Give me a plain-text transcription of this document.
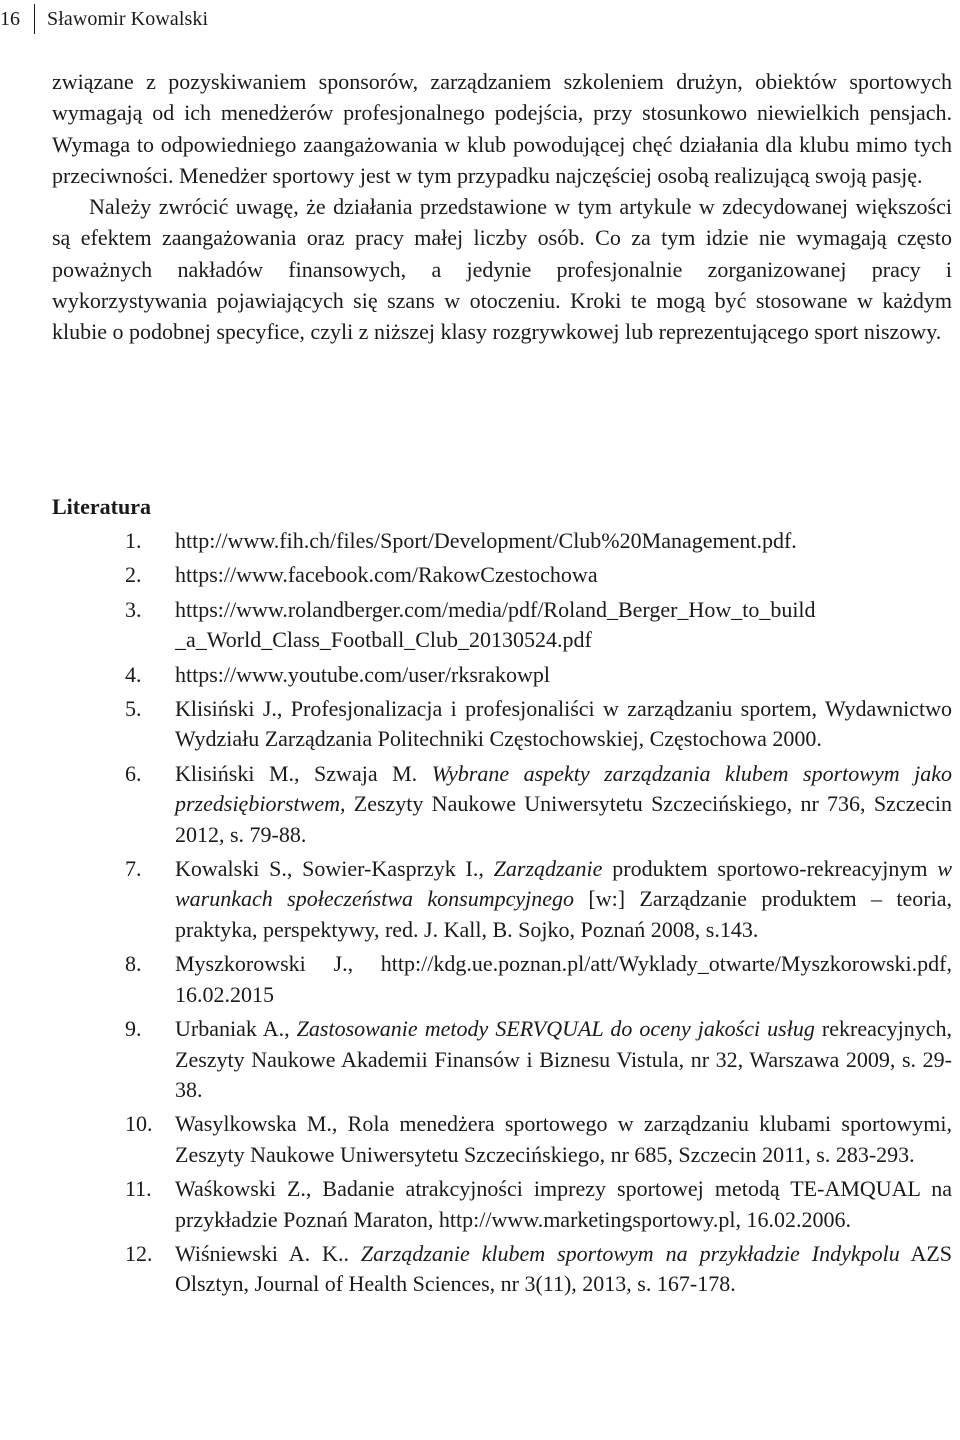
16	Sławomir Kowalski

związane z pozyskiwaniem sponsorów, zarządzaniem szkoleniem drużyn, obiektów sportowych wymagają od ich menedżerów profesjonalnego podejścia, przy stosunkowo niewielkich pensjach. Wymaga to odpowiedniego zaangażowania w klub powodującej chęć działania dla klubu mimo tych przeciwności. Menedżer sportowy jest w tym przypadku najczęściej osobą realizującą swoją pasję.

Należy zwrócić uwagę, że działania przedstawione w tym artykule w zdecydowanej większości są efektem zaangażowania oraz pracy małej liczby osób. Co za tym idzie nie wymagają często poważnych nakładów finansowych, a jedynie profesjonalnie zorganizowanej pracy i wykorzystywania pojawiających się szans w otoczeniu. Kroki te mogą być stosowane w każdym klubie o podobnej specyfice, czyli z niższej klasy rozgrywkowej lub reprezentującego sport niszowy.

Literatura
1.	http://www.fih.ch/files/Sport/Development/Club%20Management.pdf.
2.	https://www.facebook.com/RakowCzestochowa
3.	https://www.rolandberger.com/media/pdf/Roland_Berger_How_to_build _a_World_Class_Football_Club_20130524.pdf
4.	https://www.youtube.com/user/rksrakowpl
5.	Klisiński J., Profesjonalizacja i profesjonaliści w zarządzaniu sportem, Wydawnictwo Wydziału Zarządzania Politechniki Częstochowskiej, Częstochowa 2000.
6.	Klisiński M., Szwaja M. Wybrane aspekty zarządzania klubem sportowym jako przedsiębiorstwem, Zeszyty Naukowe Uniwersytetu Szczecińskiego, nr 736, Szczecin 2012, s. 79-88.
7.	Kowalski S., Sowier-Kasprzyk I., Zarządzanie produktem sportowo-rekreacyjnym w warunkach społeczeństwa konsumpcyjnego [w:] Zarządzanie produktem – teoria, praktyka, perspektywy, red. J. Kall, B. Sojko, Poznań 2008, s.143.
8.	Myszkorowski J., http://kdg.ue.poznan.pl/att/Wyklady_otwarte/Myszkorowski.pdf, 16.02.2015
9.	Urbaniak A., Zastosowanie metody SERVQUAL do oceny jakości usług rekreacyjnych, Zeszyty Naukowe Akademii Finansów i Biznesu Vistula, nr 32, Warszawa 2009, s. 29-38.
10.	Wasylkowska M., Rola menedżera sportowego w zarządzaniu klubami sportowymi, Zeszyty Naukowe Uniwersytetu Szczecińskiego, nr 685, Szczecin 2011, s. 283-293.
11.	Waśkowski Z., Badanie atrakcyjności imprezy sportowej metodą TE-AMQUAL na przykładzie Poznań Maraton, http://www.marketingsportowy.pl, 16.02.2006.
12.	Wiśniewski A. K.. Zarządzanie klubem sportowym na przykładzie Indykpolu AZS Olsztyn, Journal of Health Sciences, nr 3(11), 2013, s. 167-178.
